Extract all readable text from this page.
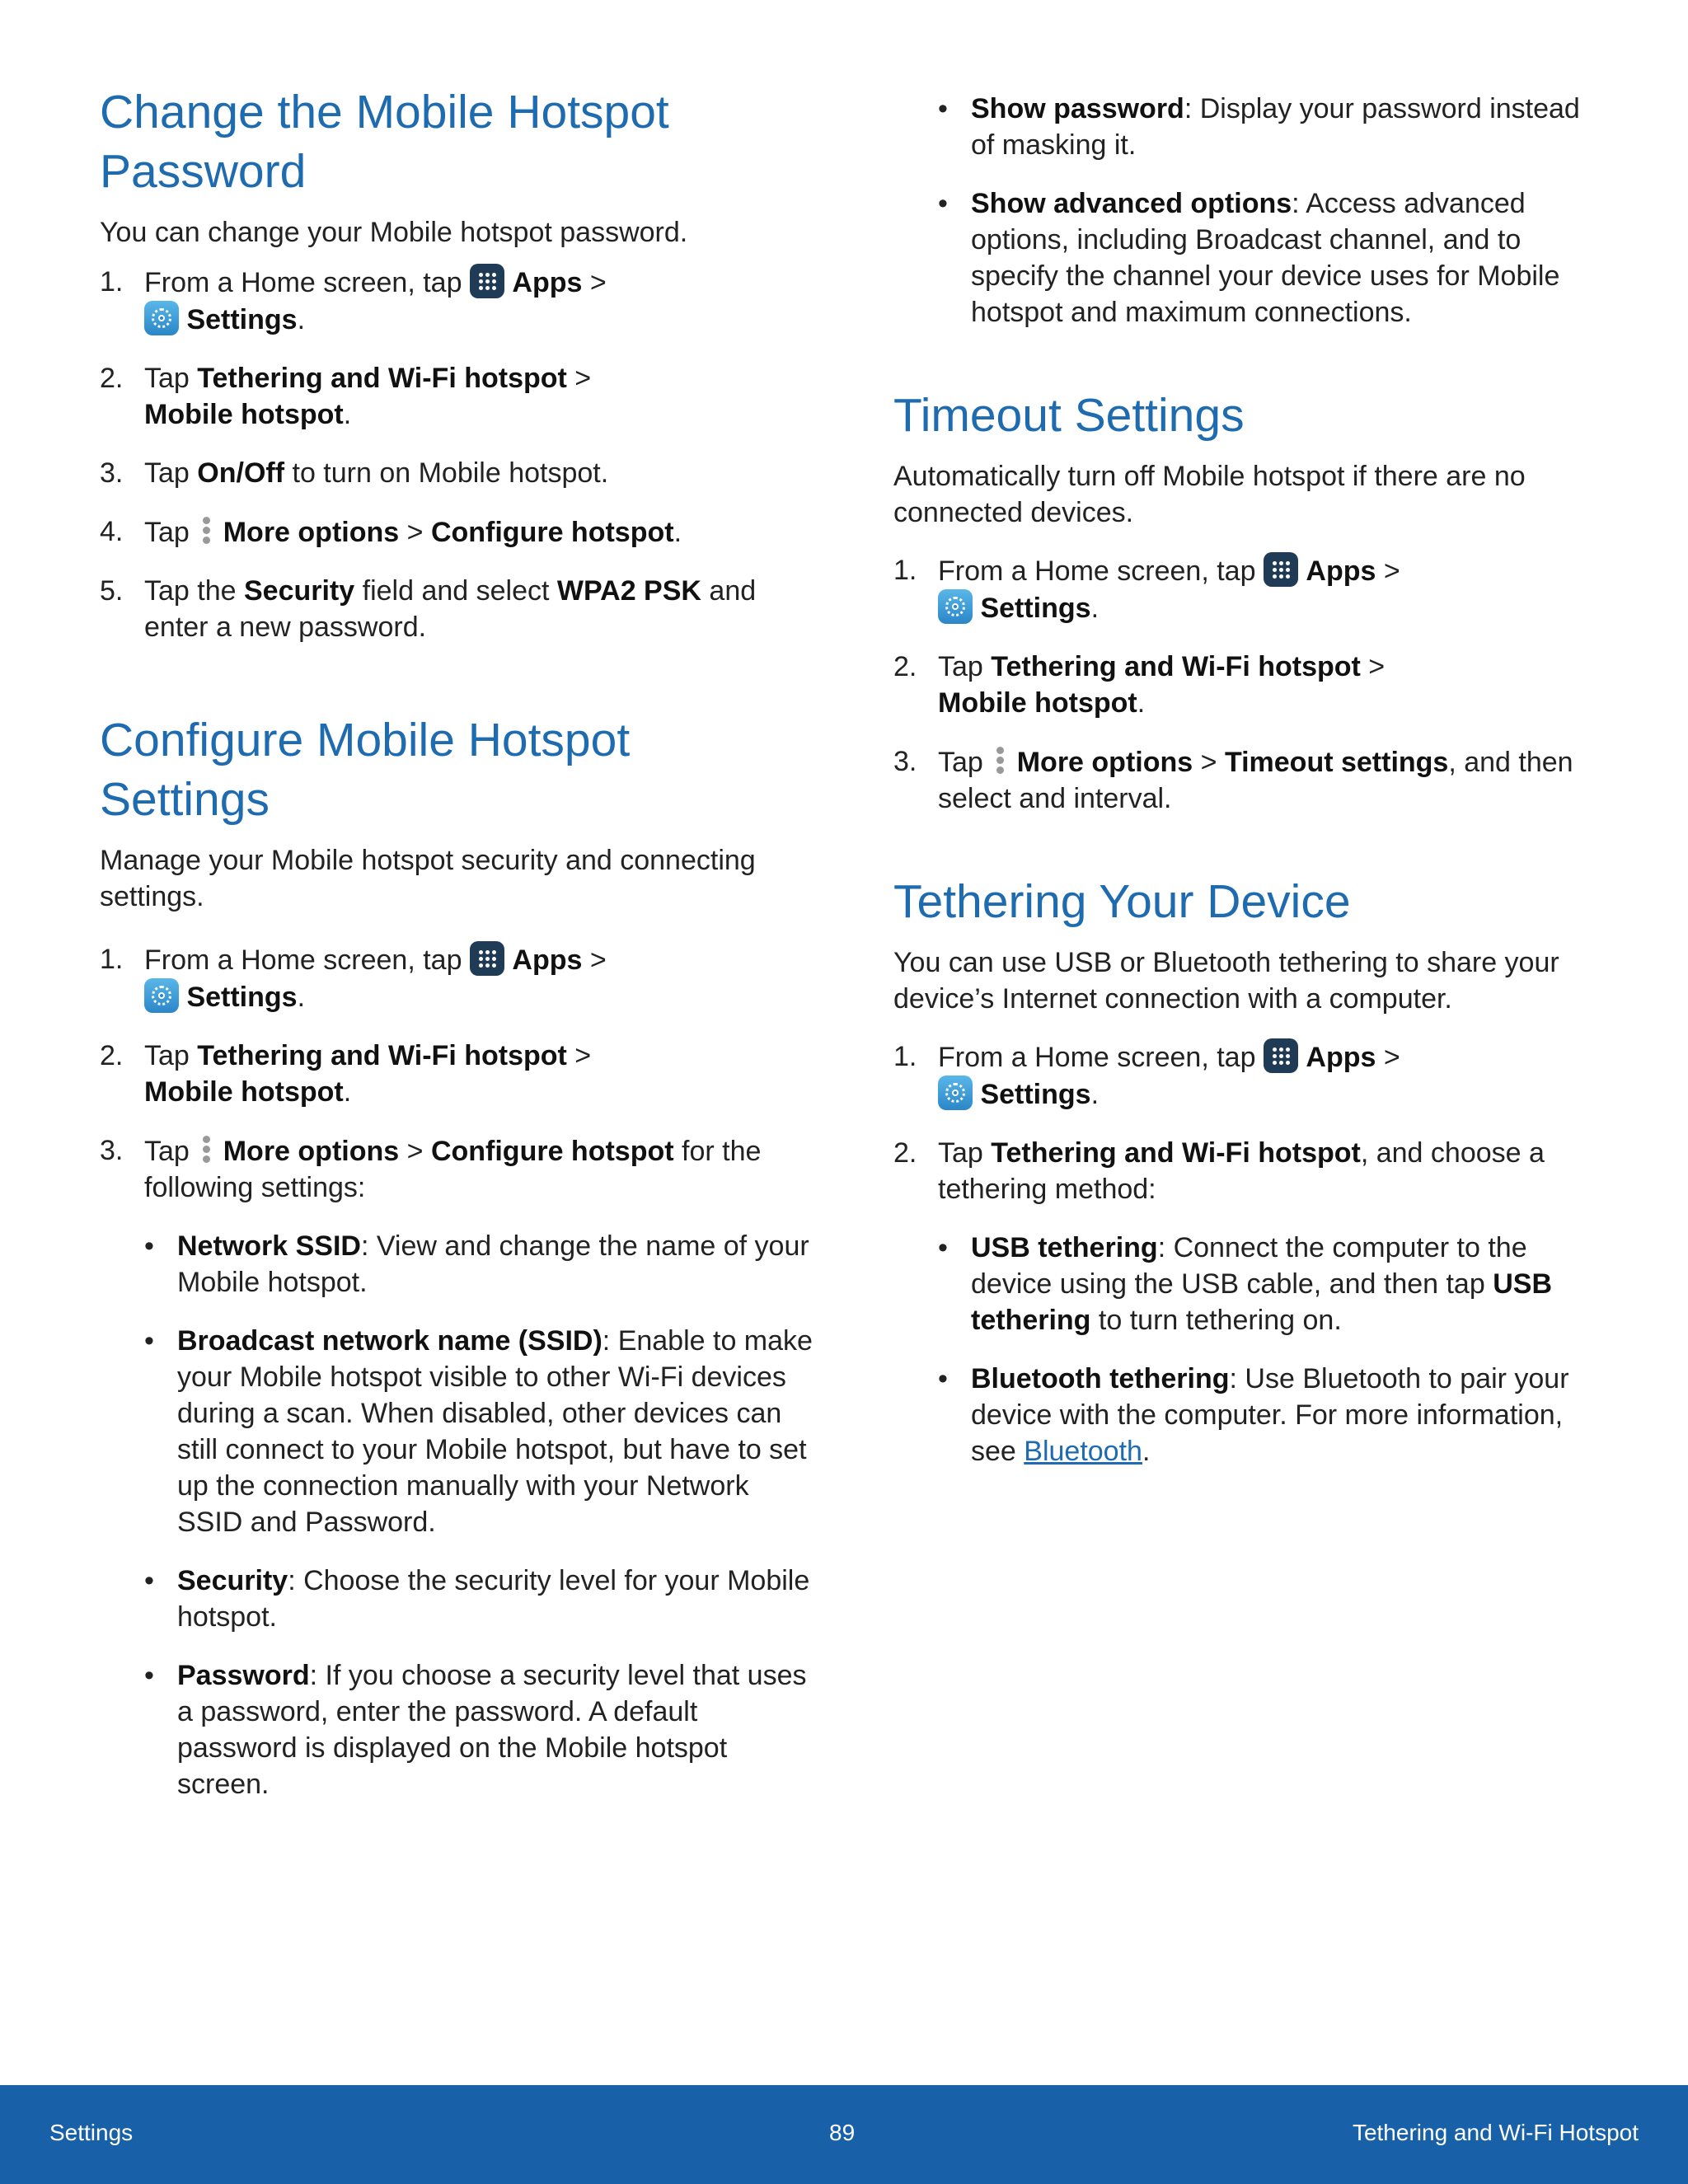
Change the Mobile Hotspot
Password

You can change your Mobile hotspot password.

1. From a Home screen, tap Apps >

Settings.
2. Tap Tethering and Wi-Fi hotspot >
Mobile hotspot.
3. Tap On/Off to turn on Mobile hotspot.
4. Tap More options > Configure hotspot.
5. Tap the Security field and select WPA2 PSK and enter a new password.
Configure Mobile Hotspot
Settings

Manage your Mobile hotspot security and connecting settings.

1. From a Home screen, tap Apps >

Settings.
2. Tap Tethering and Wi-Fi hotspot >
Mobile hotspot.
3. Tap More options > Configure hotspot for the following settings:
• Network SSID: View and change the name of your Mobile hotspot.
• Broadcast network name (SSID): Enable to make your Mobile hotspot visible to other Wi-Fi devices during a scan. When disabled, other devices can still connect to your Mobile hotspot, but have to set up the connection manually with your Network SSID and Password.
• Security: Choose the security level for your Mobile hotspot.
• Password: If you choose a security level that uses a password, enter the password. A default password is displayed on the Mobile hotspot screen.
• Show password: Display your password instead of masking it.
• Show advanced options: Access advanced options, including Broadcast channel, and to specify the channel your device uses for Mobile hotspot and maximum connections.
Timeout Settings

Automatically turn off Mobile hotspot if there are no connected devices.

1. From a Home screen, tap Apps >

Settings.
2. Tap Tethering and Wi-Fi hotspot >
Mobile hotspot.
3. Tap More options > Timeout settings, and then select and interval.
Tethering Your Device

You can use USB or Bluetooth tethering to share your device’s Internet connection with a computer.

1. From a Home screen, tap Apps >

Settings.
2. Tap Tethering and Wi-Fi hotspot, and choose a tethering method:
• USB tethering: Connect the computer to the device using the USB cable, and then tap USB tethering to turn tethering on.
• Bluetooth tethering: Use Bluetooth to pair your device with the computer. For more information, see Bluetooth.
Settings	89	Tethering and Wi-Fi Hotspot
